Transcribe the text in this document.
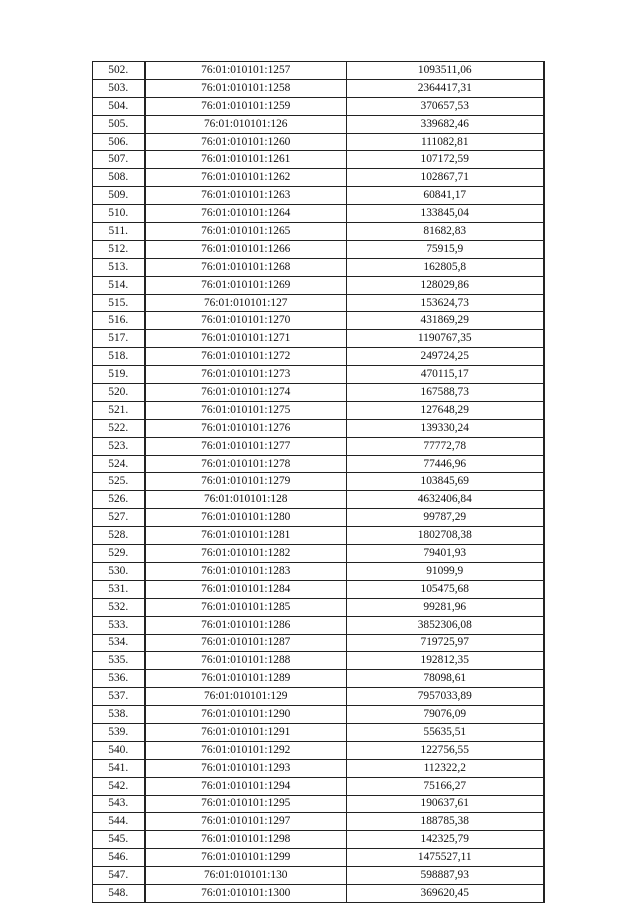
502.	76:01:010101:1257	1093511,06
503.	76:01:010101:1258	2364417,31
504.	76:01:010101:1259	370657,53
505.	76:01:010101:126	339682,46
506.	76:01:010101:1260	111082,81
507.	76:01:010101:1261	107172,59
508.	76:01:010101:1262	102867,71
509.	76:01:010101:1263	60841,17
510.	76:01:010101:1264	133845,04
511.	76:01:010101:1265	81682,83
512.	76:01:010101:1266	75915,9
513.	76:01:010101:1268	162805,8
514.	76:01:010101:1269	128029,86
515.	76:01:010101:127	153624,73
516.	76:01:010101:1270	431869,29
517.	76:01:010101:1271	1190767,35
518.	76:01:010101:1272	249724,25
519.	76:01:010101:1273	470115,17
520.	76:01:010101:1274	167588,73
521.	76:01:010101:1275	127648,29
522.	76:01:010101:1276	139330,24
523.	76:01:010101:1277	77772,78
524.	76:01:010101:1278	77446,96
525.	76:01:010101:1279	103845,69
526.	76:01:010101:128	4632406,84
527.	76:01:010101:1280	99787,29
528.	76:01:010101:1281	1802708,38
529.	76:01:010101:1282	79401,93
530.	76:01:010101:1283	91099,9
531.	76:01:010101:1284	105475,68
532.	76:01:010101:1285	99281,96
533.	76:01:010101:1286	3852306,08
534.	76:01:010101:1287	719725,97
535.	76:01:010101:1288	192812,35
536.	76:01:010101:1289	78098,61
537.	76:01:010101:129	7957033,89
538.	76:01:010101:1290	79076,09
539.	76:01:010101:1291	55635,51
540.	76:01:010101:1292	122756,55
541.	76:01:010101:1293	112322,2
542.	76:01:010101:1294	75166,27
543.	76:01:010101:1295	190637,61
544.	76:01:010101:1297	188785,38
545.	76:01:010101:1298	142325,79
546.	76:01:010101:1299	1475527,11
547.	76:01:010101:130	598887,93
548.	76:01:010101:1300	369620,45
